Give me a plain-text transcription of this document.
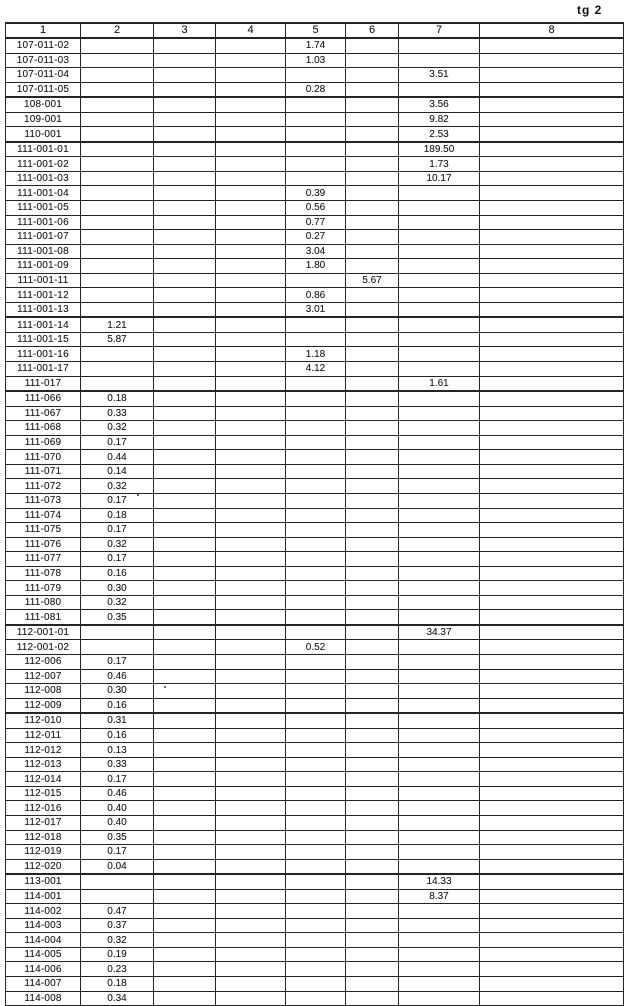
tg 2
1	2	3	4	5	6	7	8
107-011-02				1.74			
107-011-03				1.03			
107-011-04						3.51	
107-011-05				0.28			
108-001						3.56	
109-001						9.82	
110-001						2.53	
111-001-01						189.50	
111-001-02						1.73	
111-001-03						10.17	
111-001-04				0.39			
111-001-05				0.56			
111-001-06				0.77			
111-001-07				0.27			
111-001-08				3.04			
111-001-09				1.80			
111-001-11					5.67		
111-001-12				0.86			
111-001-13				3.01			
111-001-14	1.21						
111-001-15	5.87						
111-001-16				1.18			
111-001-17				4.12			
111-017						1.61	
111-066	0.18						
111-067	0.33						
111-068	0.32						
111-069	0.17						
111-070	0.44						
111-071	0.14						
111-072	0.32						
111-073	0.17						
111-074	0.18						
111-075	0.17						
111-076	0.32						
111-077	0.17						
111-078	0.16						
111-079	0.30						
111-080	0.32						
111-081	0.35						
112-001-01						34.37	
112-001-02				0.52			
112-006	0.17						
112-007	0.46						
112-008	0.30						
112-009	0.16						
112-010	0.31						
112-011	0.16						
112-012	0.13						
112-013	0.33						
112-014	0.17						
112-015	0.46						
112-016	0.40						
112-017	0.40						
112-018	0.35						
112-019	0.17						
112-020	0.04						
113-001						14.33	
114-001						8.37	
114-002	0.47						
114-003	0.37						
114-004	0.32						
114-005	0.19						
114-006	0.23						
114-007	0.18						
114-008	0.34						
